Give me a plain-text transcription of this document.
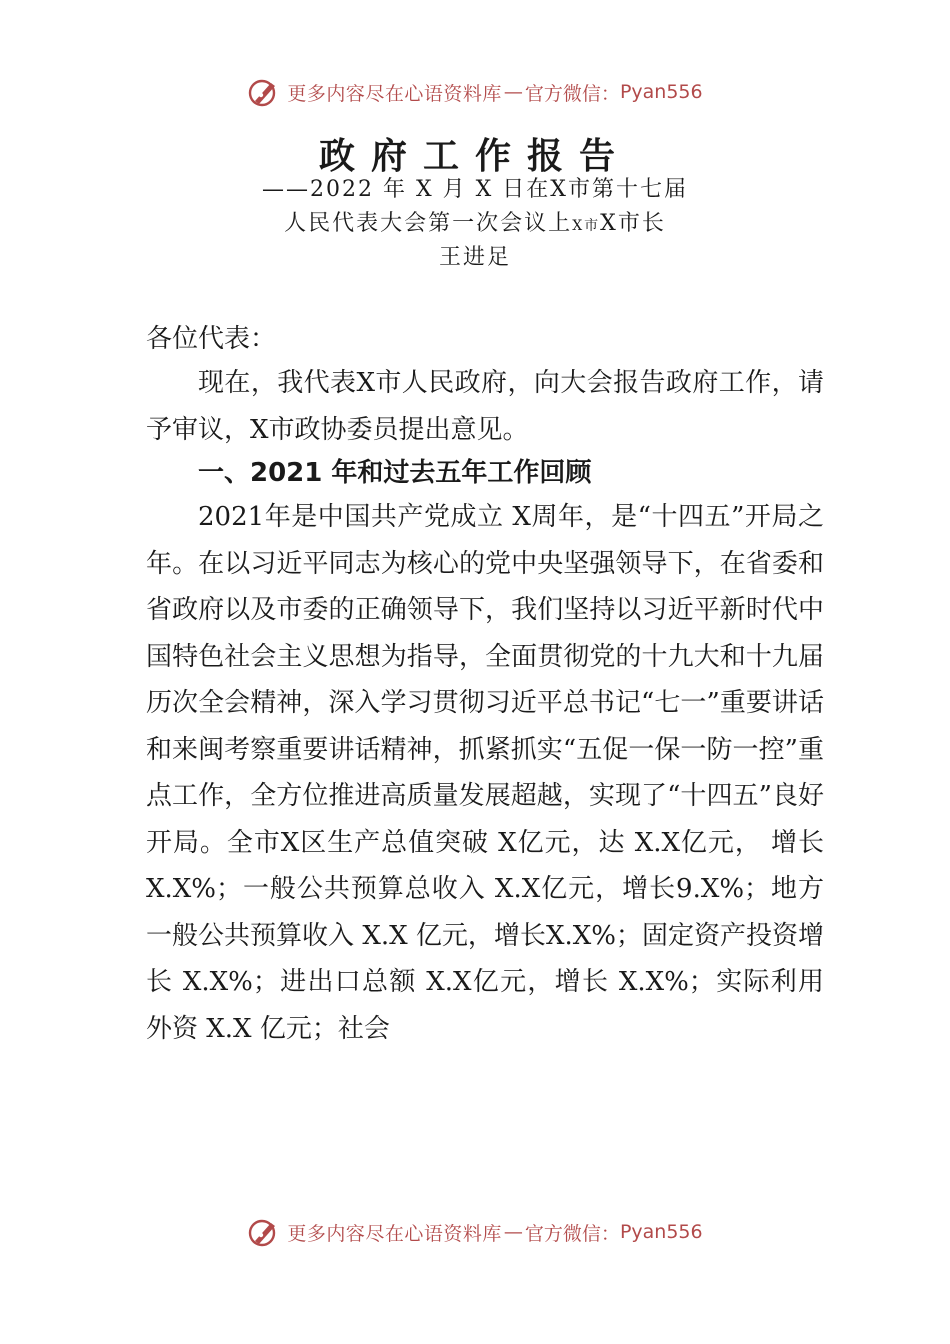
更多内容尽在心语资料库 — 官方微信： Pyan556
政府工作报告
——2022 年 X 月 X 日在X市第十七届
人民代表大会第一次会议上X市X市长
王进足
各位代表：

现在，我代表X市人民政府，向大会报告政府工作，请予审议，X市政协委员提出意见。

一、2021 年和过去五年工作回顾

2021年是中国共产党成立 X周年，是“十四五”开局之年。在以习近平同志为核心的党中央坚强领导下，在省委和省政府以及市委的正确领导下，我们坚持以习近平新时代中国特色社会主义思想为指导，全面贯彻党的十九大和十九届历次全会精神，深入学习贯彻习近平总书记“七一”重要讲话和来闽考察重要讲话精神，抓紧抓实“五促一保一防一控”重点工作，全方位推进高质量发展超越，实现了“十四五”良好开局。全市X区生产总值突破 X亿元，达 X.X亿元， 增长X.X%；一般公共预算总收入 X.X亿元，增长9.X%；地方一般公共预算收入 X.X 亿元，增长X.X%；固定资产投资增长 X.X%；进出口总额 X.X亿元，增长 X.X%；实际利用外资 X.X 亿元；社会

更多内容尽在心语资料库 — 官方微信： Pyan556
